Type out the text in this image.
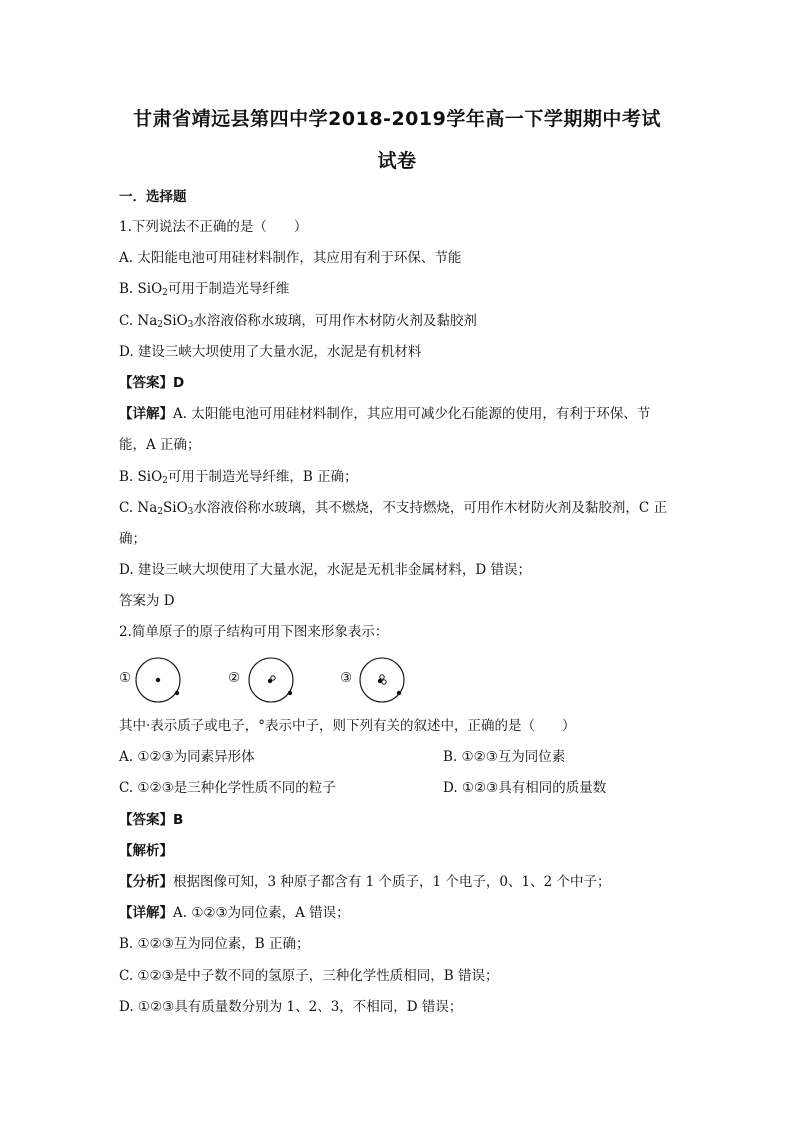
甘肃省靖远县第四中学2018-2019学年高一下学期期中考试
试卷
一．选择题
1.下列说法不正确的是（　　）
A. 太阳能电池可用硅材料制作，其应用有利于环保、节能
B. SiO$_2$可用于制造光导纤维
C. $Na_2SiO_3$水溶液俗称水玻璃，可用作木材防火剂及黏胶剂
D. 建设三峡大坝使用了大量水泥，水泥是有机材料
【答案】D
【详解】A. 太阳能电池可用硅材料制作，其应用可减少化石能源的使用，有利于环保、节
能，A 正确；
B. SiO$_2$可用于制造光导纤维，B 正确；
C. $Na_2SiO_3$水溶液俗称水玻璃，其不燃烧，不支持燃烧，可用作木材防火剂及黏胶剂，C 正
确；
D. 建设三峡大坝使用了大量水泥，水泥是无机非金属材料，D 错误；
答案为 D
2.简单原子的原子结构可用下图来形象表示：
①	②	③
其中·表示质子或电子，°表示中子，则下列有关的叙述中，正确的是（　　）
A. ①②③为同素异形体	B. ①②③互为同位素
C. ①②③是三种化学性质不同的粒子	D. ①②③具有相同的质量数
【答案】B
【解析】
【分析】根据图像可知，3 种原子都含有 1 个质子，1 个电子，0、1、2 个中子；
【详解】A. ①②③为同位素，A 错误；
B. ①②③互为同位素，B 正确；
C. ①②③是中子数不同的氢原子，三种化学性质相同，B 错误；
D. ①②③具有质量数分别为 1、2、3，不相同，D 错误；
